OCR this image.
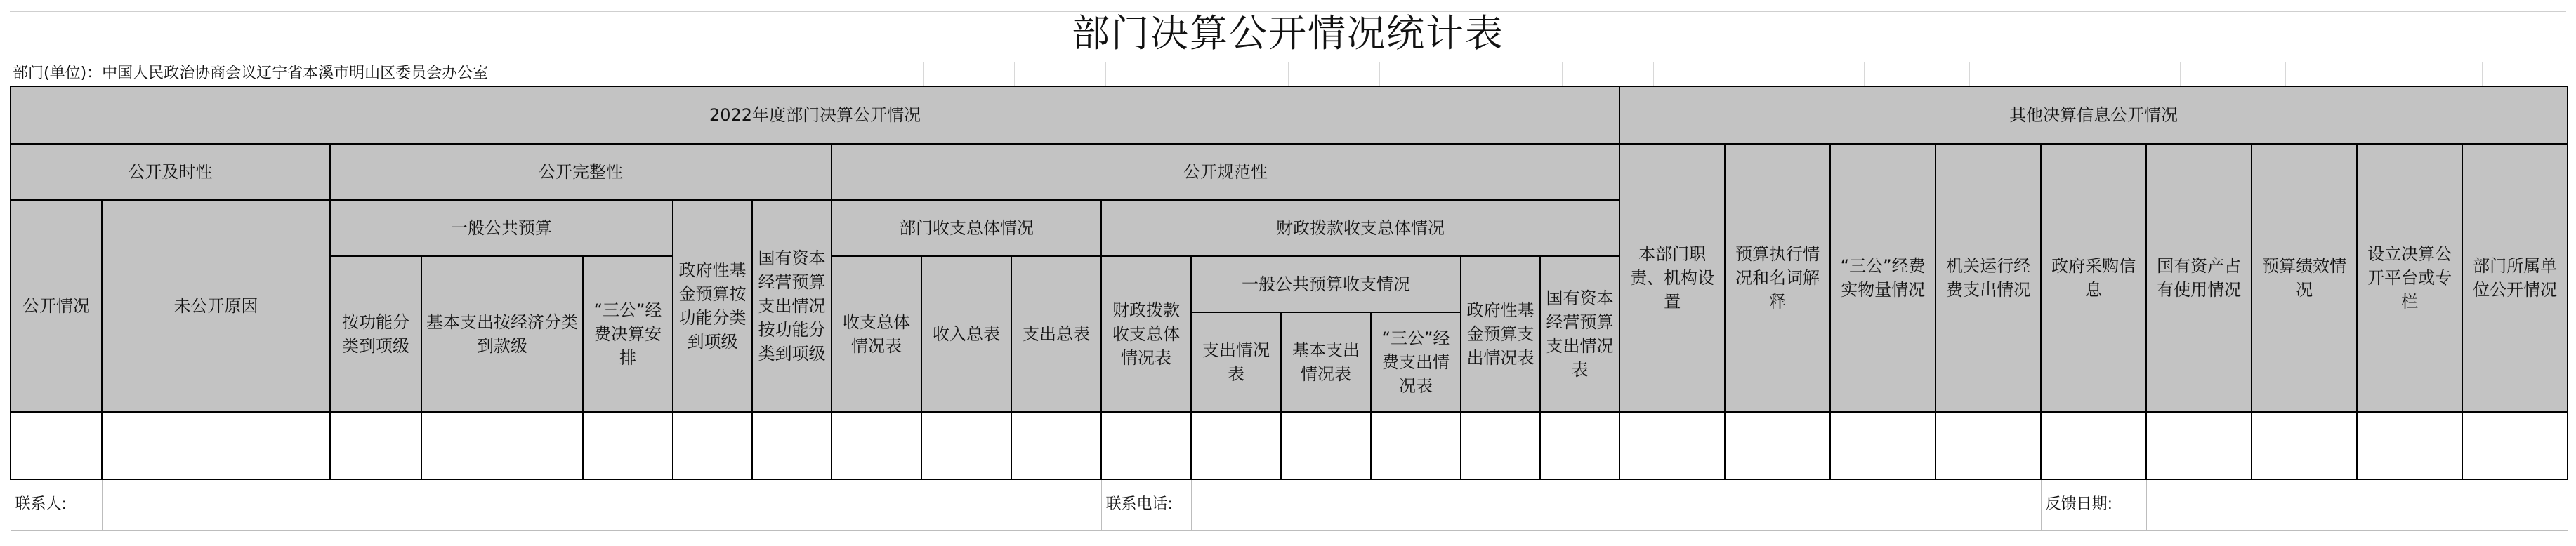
部门决算公开情况统计表
部门(单位)：中国人民政治协商会议辽宁省本溪市明山区委员会办公室
2022年度部门决算公开情况																其他决算信息公开情况								
公开及时性		公开完整性					公开规范性									本部门职责、机构设置	预算执行情况和名词解释	“三公”经费实物量情况	机关运行经费支出情况	政府采购信息	国有资产占有使用情况	预算绩效情况	设立决算公开平台或专栏	部门所属单位公开情况
公开情况	未公开原因	一般公共预算			政府性基金预算按功能分类到项级	国有资本经营预算支出情况按功能分类到项级	部门收支总体情况			财政拨款收支总体情况														
		按功能分类到项级	基本支出按经济分类到款级	“三公”经费决算安排			收支总体情况表	收入总表	支出总表	财政拨款收支总体情况表	一般公共预算收支情况			政府性基金预算支出情况表	国有资本经营预算支出情况表									
											支出情况表	基本支出情况表	“三公”经费支出情况表											

联系人:										联系电话:										反馈日期:				
